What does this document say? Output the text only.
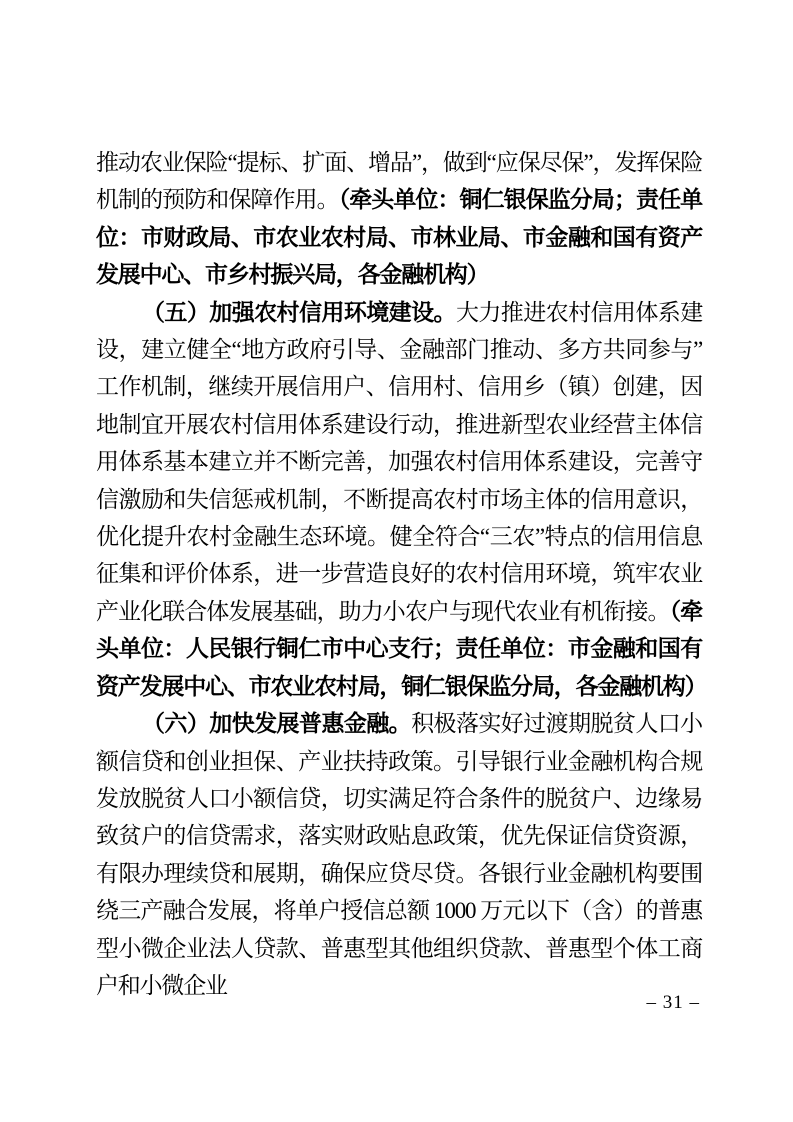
推动农业保险“提标、扩面、增品”，做到“应保尽保”，发挥保险机制的预防和保障作用。（牵头单位：铜仁银保监分局；责任单位：市财政局、市农业农村局、市林业局、市金融和国有资产发展中心、市乡村振兴局，各金融机构）

（五）加强农村信用环境建设。大力推进农村信用体系建设，建立健全“地方政府引导、金融部门推动、多方共同参与”工作机制，继续开展信用户、信用村、信用乡（镇）创建，因地制宜开展农村信用体系建设行动，推进新型农业经营主体信用体系基本建立并不断完善，加强农村信用体系建设，完善守信激励和失信惩戒机制，不断提高农村市场主体的信用意识，优化提升农村金融生态环境。健全符合“三农”特点的信用信息征集和评价体系，进一步营造良好的农村信用环境，筑牢农业产业化联合体发展基础，助力小农户与现代农业有机衔接。（牵头单位：人民银行铜仁市中心支行；责任单位：市金融和国有资产发展中心、市农业农村局，铜仁银保监分局，各金融机构）

（六）加快发展普惠金融。积极落实好过渡期脱贫人口小额信贷和创业担保、产业扶持政策。引导银行业金融机构合规发放脱贫人口小额信贷，切实满足符合条件的脱贫户、边缘易致贫户的信贷需求，落实财政贴息政策，优先保证信贷资源，有限办理续贷和展期，确保应贷尽贷。各银行业金融机构要围绕三产融合发展，将单户授信总额 1000 万元以下（含）的普惠型小微企业法人贷款、普惠型其他组织贷款、普惠型个体工商户和小微企业

– 31 –
